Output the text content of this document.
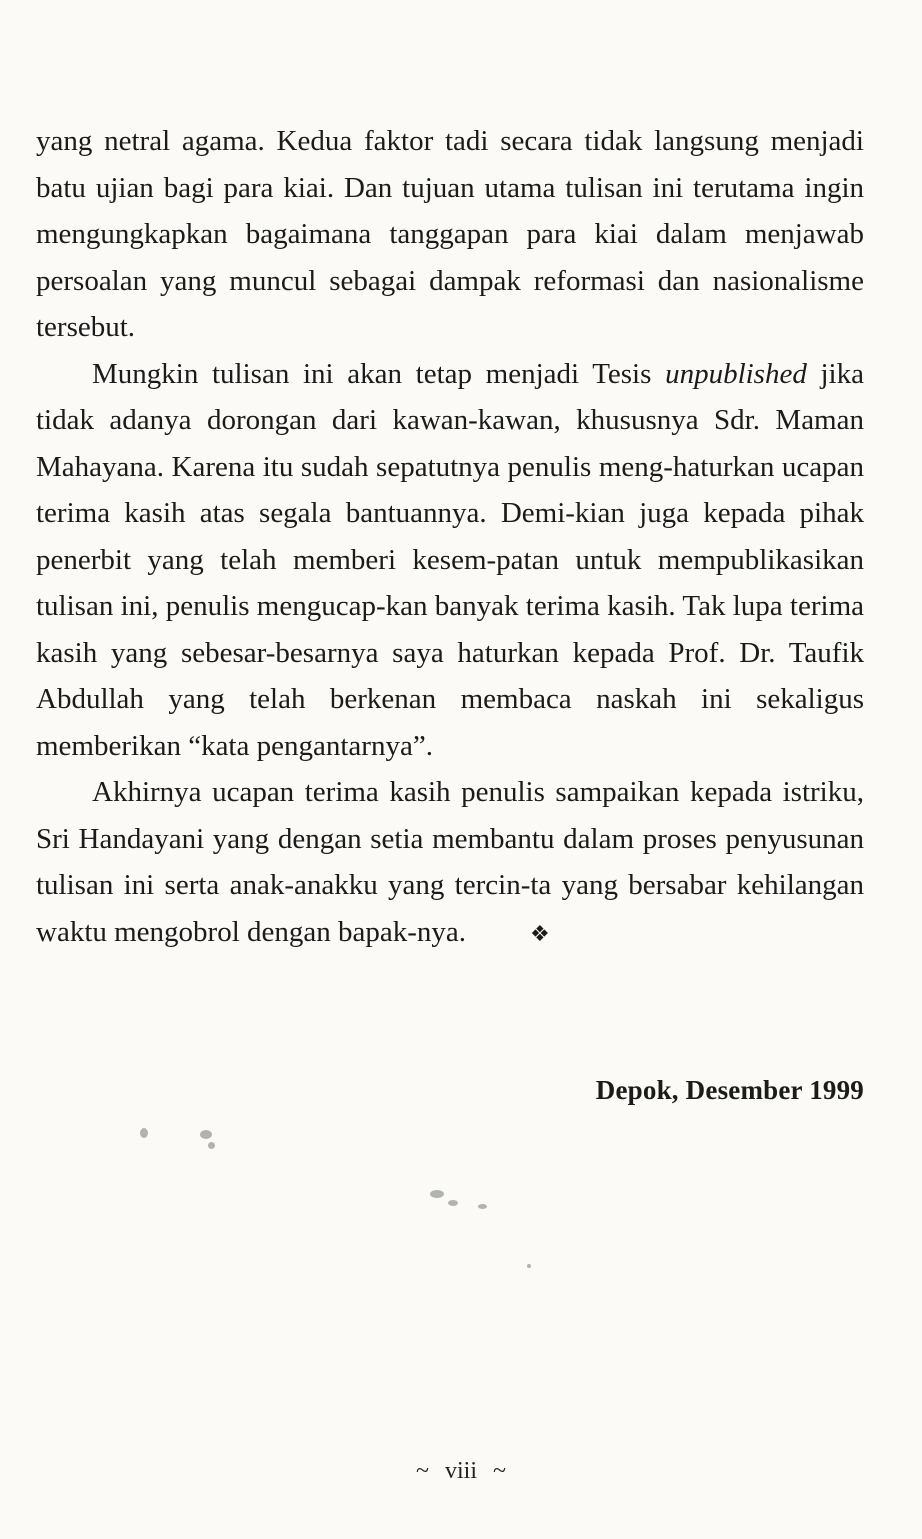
yang netral agama. Kedua faktor tadi secara tidak langsung menjadi batu ujian bagi para kiai. Dan tujuan utama tulisan ini terutama ingin mengungkapkan bagaimana tanggapan para kiai dalam menjawab persoalan yang muncul sebagai dampak reformasi dan nasionalisme tersebut.

Mungkin tulisan ini akan tetap menjadi Tesis unpublished jika tidak adanya dorongan dari kawan-kawan, khususnya Sdr. Maman Mahayana. Karena itu sudah sepatutnya penulis meng-haturkan ucapan terima kasih atas segala bantuannya. Demi-kian juga kepada pihak penerbit yang telah memberi kesem-patan untuk mempublikasikan tulisan ini, penulis mengucap-kan banyak terima kasih. Tak lupa terima kasih yang sebesar-besarnya saya haturkan kepada Prof. Dr. Taufik Abdullah yang telah berkenan membaca naskah ini sekaligus memberikan “kata pengantarnya”.

Akhirnya ucapan terima kasih penulis sampaikan kepada istriku, Sri Handayani yang dengan setia membantu dalam proses penyusunan tulisan ini serta anak-anakku yang tercin-ta yang bersabar kehilangan waktu mengobrol dengan bapak-nya.	❖

Depok, Desember 1999
~ viii ~
